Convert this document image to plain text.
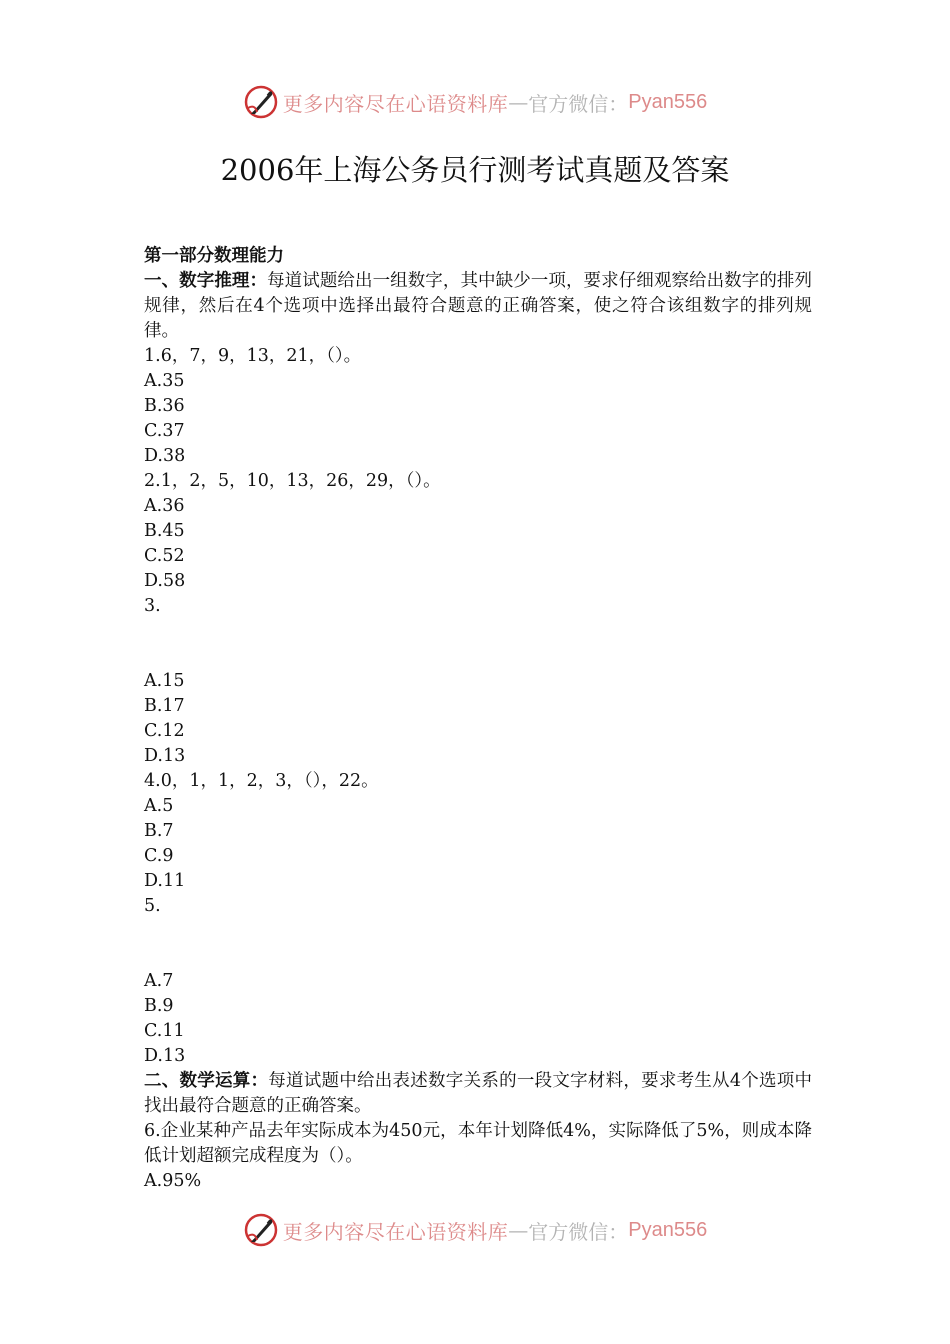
更多内容尽在心语资料库 — 官方微信： Pyan556
2006年上海公务员行测考试真题及答案
第一部分数理能力
一、数字推理：每道试题给出一组数字，其中缺少一项，要求仔细观察给出数字的排列规律，然后在4个选项中选择出最符合题意的正确答案，使之符合该组数字的排列规律。
1.6，7，9，13，21，（）。
A.35
B.36
C.37
D.38
2.1，2，5，10，13，26，29，（）。
A.36
B.45
C.52
D.58
3.
A.15
B.17
C.12
D.13
4.0，1，1，2，3，（），22。
A.5
B.7
C.9
D.11
5.
A.7
B.9
C.11
D.13
二、数学运算：每道试题中给出表述数字关系的一段文字材料，要求考生从4个选项中找出最符合题意的正确答案。
6.企业某种产品去年实际成本为450元，本年计划降低4%，实际降低了5%，则成本降低计划超额完成程度为（）。
A.95%
更多内容尽在心语资料库 — 官方微信： Pyan556
